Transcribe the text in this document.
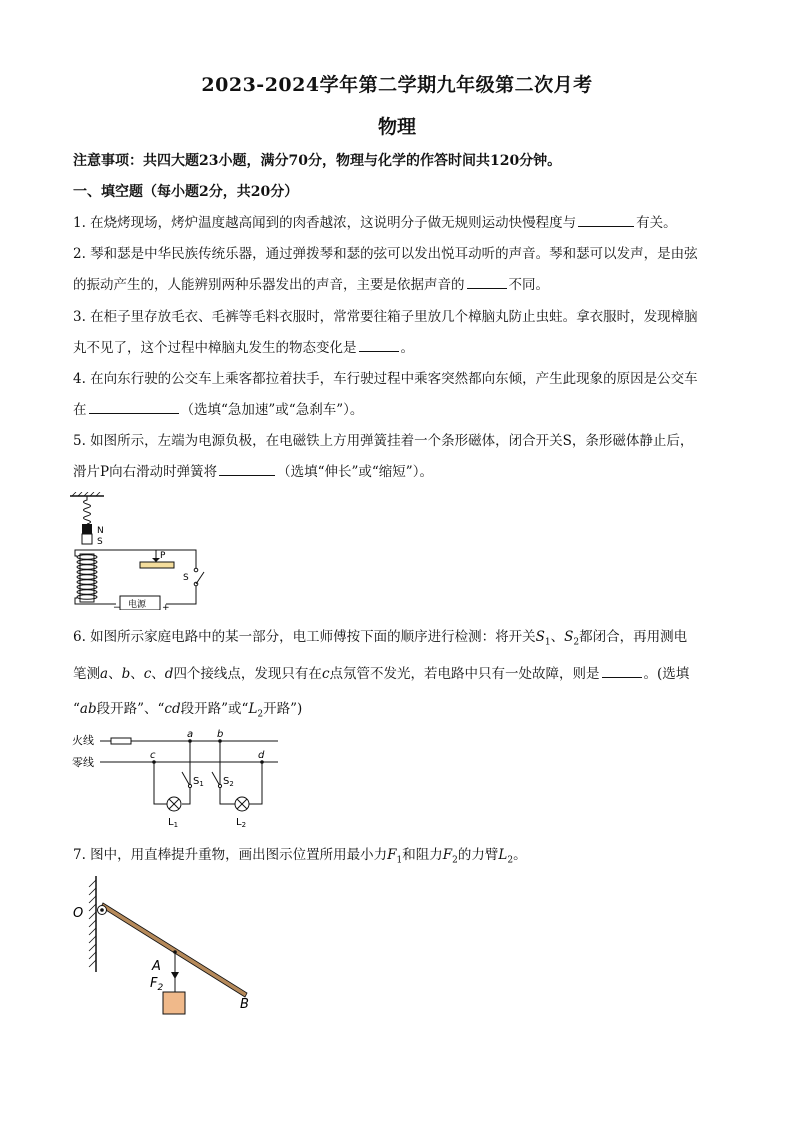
2023-2024学年第二学期九年级第二次月考
物理
注意事项：共四大题23小题，满分70分，物理与化学的作答时间共120分钟。
一、填空题（每小题2分，共20分）
1. 在烧烤现场，烤炉温度越高闻到的肉香越浓，这说明分子做无规则运动快慢程度与	有关。
2. 琴和瑟是中华民族传统乐器，通过弹拨琴和瑟的弦可以发出悦耳动听的声音。琴和瑟可以发声，是由弦
的振动产生的，人能辨别两种乐器发出的声音，主要是依据声音的	不同。
3. 在柜子里存放毛衣、毛裤等毛料衣服时，常常要往箱子里放几个樟脑丸防止虫蛀。拿衣服时，发现樟脑
丸不见了，这个过程中樟脑丸发生的物态变化是	。
4. 在向东行驶的公交车上乘客都拉着扶手，车行驶过程中乘客突然都向东倾，产生此现象的原因是公交车
在	（选填“急加速”或“急刹车”）。
5. 如图所示，左端为电源负极，在电磁铁上方用弹簧挂着一个条形磁体，闭合开关S，条形磁体静止后，
滑片P向右滑动时弹簧将	（选填“伸长”或“缩短”）。
N
S
P
S
电源
−	+
6. 如图所示家庭电路中的某一部分，电工师傅按下面的顺序进行检测：将开关$S_1$、$S_2$都闭合，再用测电
笔测a、b、c、d四个接线点，发现只有在c点氖管不发光，若电路中只有一处故障，则是	。(选填
“ab段开路”、“cd段开路”或“$L_2$开路”)
火线
零线
a b
c	d
$S_1$
$L_1$
$S_2$
$L_2$
7. 图中，用直棒提升重物，画出图示位置所用最小力$F_1$和阻力$F_2$的力臂$L_2$。
O
A
$F_2$
B
